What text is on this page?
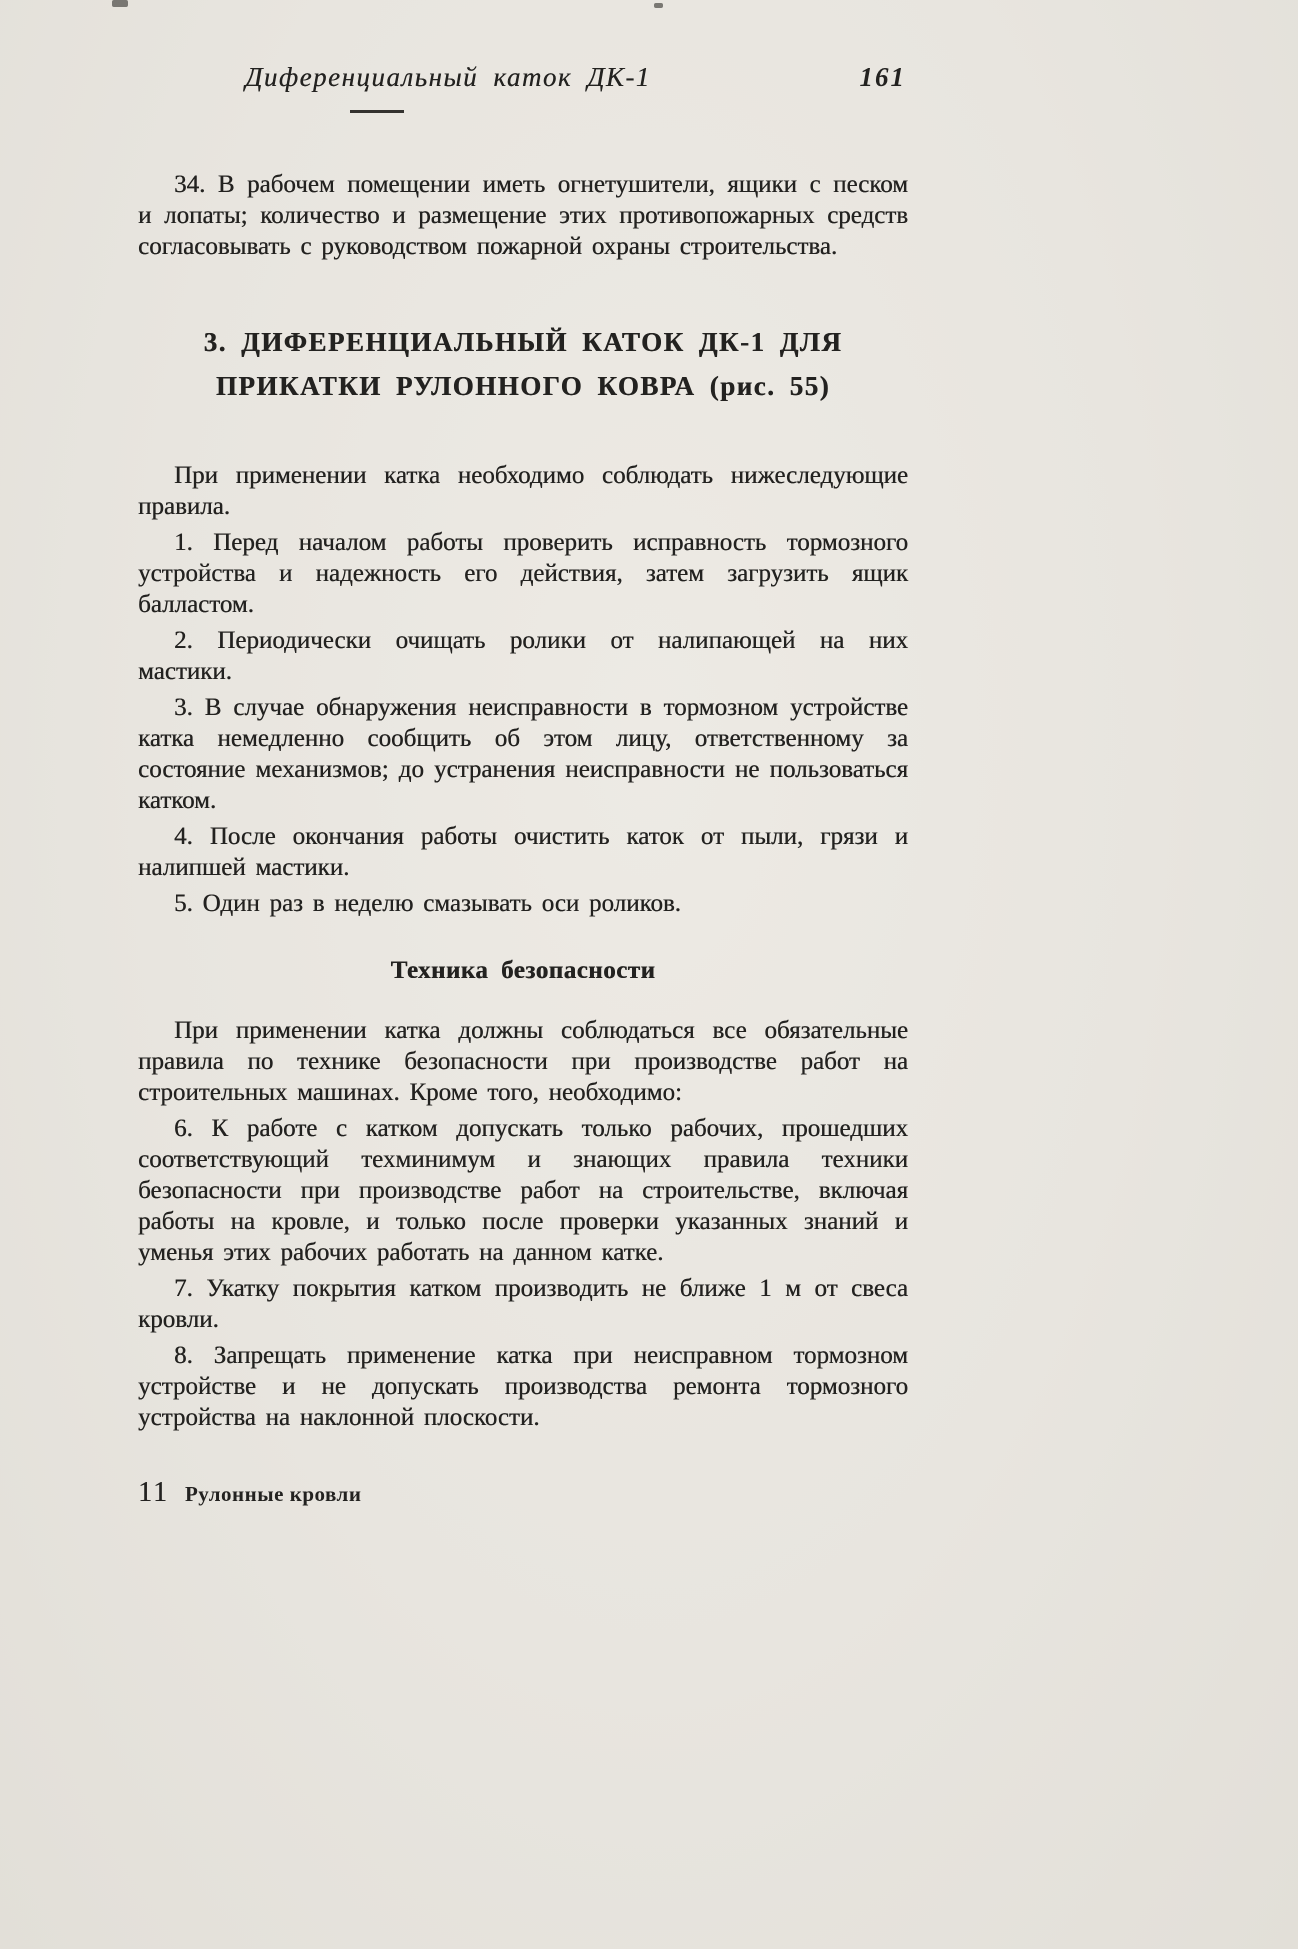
Диференциальный каток ДК-1	161

34. В рабочем помещении иметь огнетушители, ящики с песком и лопаты; количество и размещение этих противопожарных средств согласовывать с руководством пожарной охраны строительства.

3. ДИФЕРЕНЦИАЛЬНЫЙ КАТОК ДК-1 ДЛЯ ПРИКАТКИ РУЛОННОГО КОВРА (рис. 55)

При применении катка необходимо соблюдать нижеследующие правила.

1. Перед началом работы проверить исправность тормозного устройства и надежность его действия, затем загрузить ящик балластом.

2. Периодически очищать ролики от налипающей на них мастики.

3. В случае обнаружения неисправности в тормозном устройстве катка немедленно сообщить об этом лицу, ответственному за состояние механизмов; до устранения неисправности не пользоваться катком.

4. После окончания работы очистить каток от пыли, грязи и налипшей мастики.

5. Один раз в неделю смазывать оси роликов.

Техника безопасности

При применении катка должны соблюдаться все обязательные правила по технике безопасности при производстве работ на строительных машинах. Кроме того, необходимо:

6. К работе с катком допускать только рабочих, прошедших соответствующий техминимум и знающих правила техники безопасности при производстве работ на строительстве, включая работы на кровле, и только после проверки указанных знаний и уменья этих рабочих работать на данном катке.

7. Укатку покрытия катком производить не ближе 1 м от свеса кровли.

8. Запрещать применение катка при неисправном тормозном устройстве и не допускать производства ремонта тормозного устройства на наклонной плоскости.

11 Рулонные кровли
